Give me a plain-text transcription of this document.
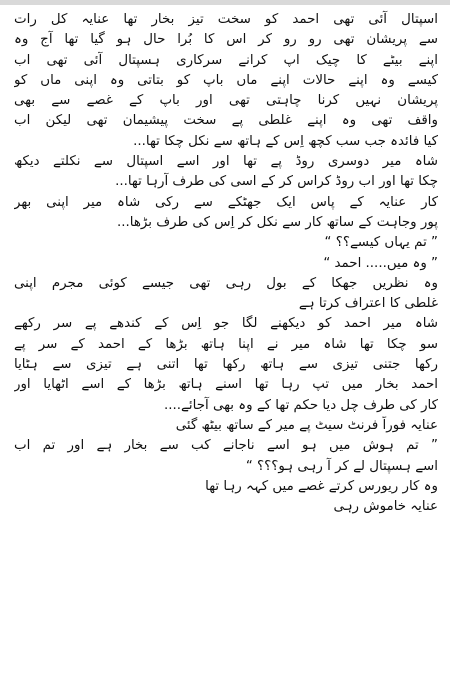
اسپتال آئی تھی احمد کو سخت تیز بخار تھا عنایہ کل رات
سے پریشان تھی رو رو کر اس کا بُرا حال ہو گیا تھا آج وہ
اپنے بیٹے کا چیک اپ کرانے سرکاری ہسپتال آئی تھی اب
کیسے وہ اپنے حالات اپنے ماں باپ کو بتاتی وہ اپنی ماں کو
پریشان نہیں کرنا چاہتی تھی اور باپ کے غصے سے بھی
واقف تھی وہ اپنے غلطی پے سخت پیشیمان تھی لیکن اب
کیا فائدہ جب سب کچھ اِس کے ہاتھ سے نکل چکا تھا...
شاہ میر دوسری روڈ پے تھا اور اسے اسپتال سے نکلتے دیکھ
چکا تھا اور اب روڈ کراس کر کے اسی کی طرف آرہا تھا...
کار عنایہ کے پاس ایک جھٹکے سے رکی شاہ میر اپنی بھر
پور وجاہت کے ساتھ کار سے نکل کر اِس کی طرف بڑھا...
” تم یہاں کیسے؟؟ “
” وہ میں..... احمد “
وہ نظریں جھکا کے بول رہی تھی جیسے کوئی مجرم اپنی
غلطی کا اعتراف کرتا ہے
شاہ میر احمد کو دیکھنے لگا جو اِس کے کندھے پے سر رکھے
سو چکا تھا شاہ میر نے اپنا ہاتھ بڑھا کے احمد کے سر پے
رکھا جتنی تیزی سے ہاتھ رکھا تھا اتنی ہے تیزی سے ہٹایا
احمد بخار میں تپ رہا تھا اسنے ہاتھ بڑھا کے اسے اٹھایا اور
کار کی طرف چل دیا حکم تھا کے وہ بھی آجائے....
عنایہ فوراً فرنٹ سیٹ پے میر کے ساتھ بیٹھ گئی
” تم ہوش میں ہو اسے ناجانے کب سے بخار ہے اور تم اب
اسے ہسپتال لے کر آ رہی ہو؟؟؟ “
وہ کار ریورس کرتے غصے میں کہہ رہا تھا
عنایہ خاموش رہی
